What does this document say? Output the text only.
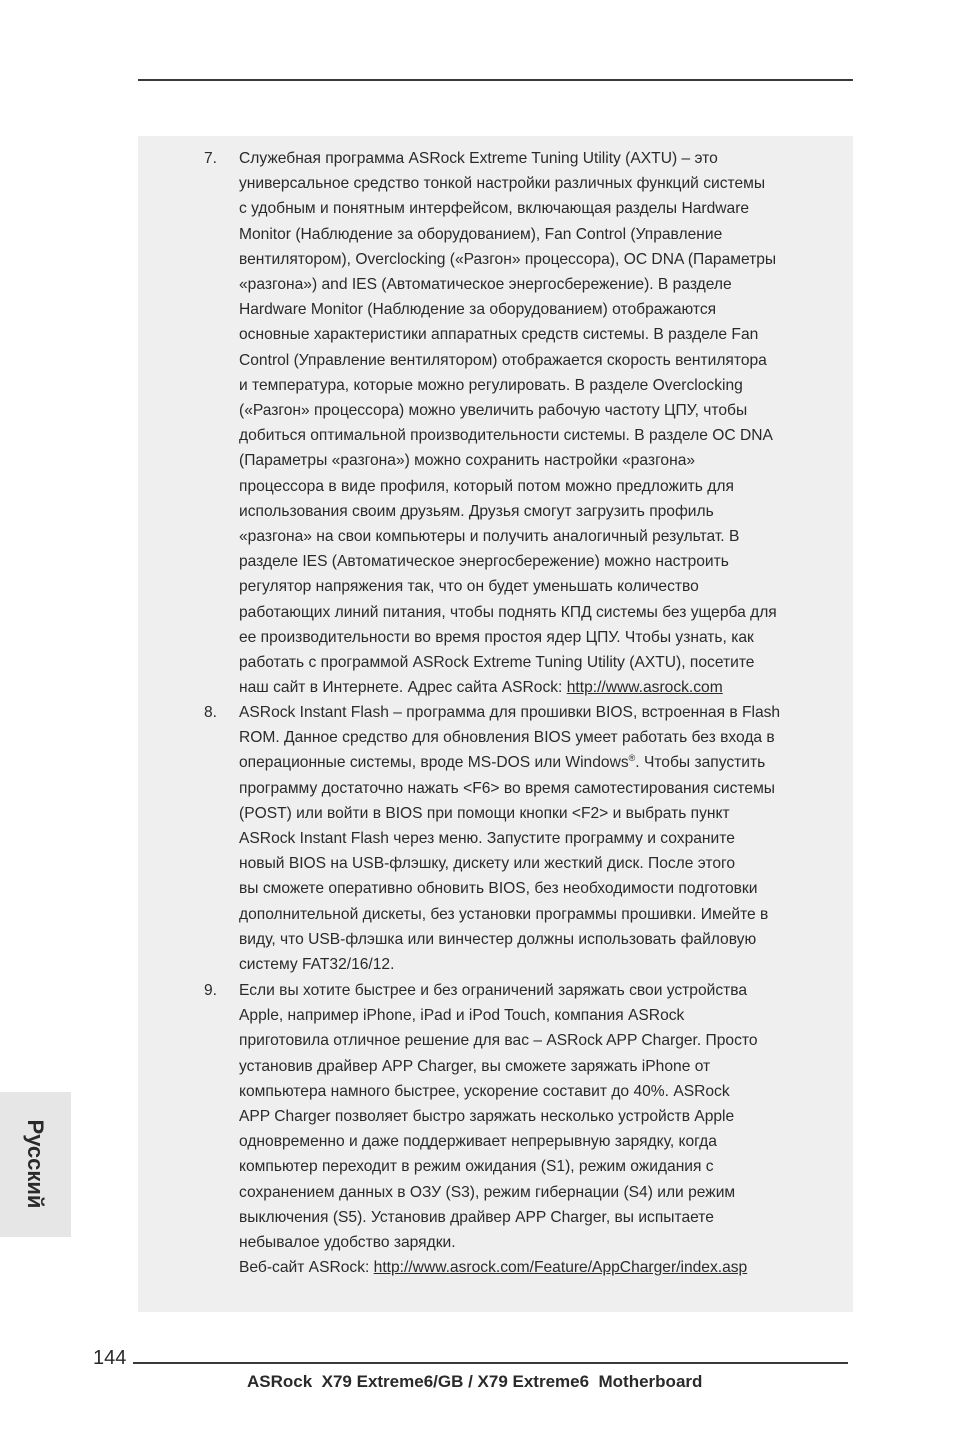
7.	Служебная программа ASRock Extreme Tuning Utility (AXTU) – это
универсальное средство тонкой настройки различных функций системы
с удобным и понятным интерфейсом, включающая разделы Hardware
Monitor (Наблюдение за оборудованием), Fan Control (Управление
вентилятором), Overclocking («Разгон» процессора), OC DNA (Параметры
«разгона») and IES (Автоматическое энергосбережение). В разделе
Hardware Monitor (Наблюдение за оборудованием) отображаются
основные характеристики аппаратных средств системы. В разделе Fan
Control (Управление вентилятором) отображается скорость вентилятора
и температура, которые можно регулировать. В разделе Overclocking
(«Разгон» процессора) можно увеличить рабочую частоту ЦПУ, чтобы
добиться оптимальной производительности системы. В разделе OC DNA
(Параметры «разгона») можно сохранить настройки «разгона»
процессора в виде профиля, который потом можно предложить для
использования своим друзьям. Друзья смогут загрузить профиль
«разгона» на свои компьютеры и получить аналогичный результат. В
разделе IES (Автоматическое энергосбережение) можно настроить
регулятор напряжения так, что он будет уменьшать количество
работающих линий питания, чтобы поднять КПД системы без ущерба для
ее производительности во время простоя ядер ЦПУ. Чтобы узнать, как
работать с программой ASRock Extreme Tuning Utility (AXTU), посетите
наш сайт в Интернете. Адрес сайта ASRock: http://www.asrock.com
8.	ASRock Instant Flash – программа для прошивки BIOS, встроенная в Flash
ROM. Данное средство для обновления BIOS умеет работать без входа в
операционные системы, вроде MS-DOS или Windows®. Чтобы запустить
программу достаточно нажать <F6> во время самотестирования системы
(POST) или войти в BIOS при помощи кнопки <F2> и выбрать пункт
ASRock Instant Flash через меню. Запустите программу и сохраните
новый BIOS на USB-флэшку, дискету или жесткий диск. После этого
вы сможете оперативно обновить BIOS, без необходимости подготовки
дополнительной дискеты, без установки программы прошивки. Имейте в
виду, что USB-флэшка или винчестер должны использовать файловую
систему FAT32/16/12.
9.	Если вы хотите быстрее и без ограничений заряжать свои устройства
Apple, например iPhone, iPad и iPod Touch, компания ASRock
приготовила отличное решение для вас – ASRock APP Charger. Просто
установив драйвер APP Charger, вы сможете заряжать iPhone от
компьютера намного быстрее, ускорение составит до 40%. ASRock
APP Charger позволяет быстро заряжать несколько устройств Apple
одновременно и даже поддерживает непрерывную зарядку, когда
компьютер переходит в режим ожидания (S1), режим ожидания с
сохранением данных в ОЗУ (S3), режим гибернации (S4) или режим
выключения (S5). Установив драйвер APP Charger, вы испытаете
небывалое удобство зарядки.
Веб-сайт ASRock: http://www.asrock.com/Feature/AppCharger/index.asp
Русский
144
ASRock  X79 Extreme6/GB / X79 Extreme6  Motherboard
